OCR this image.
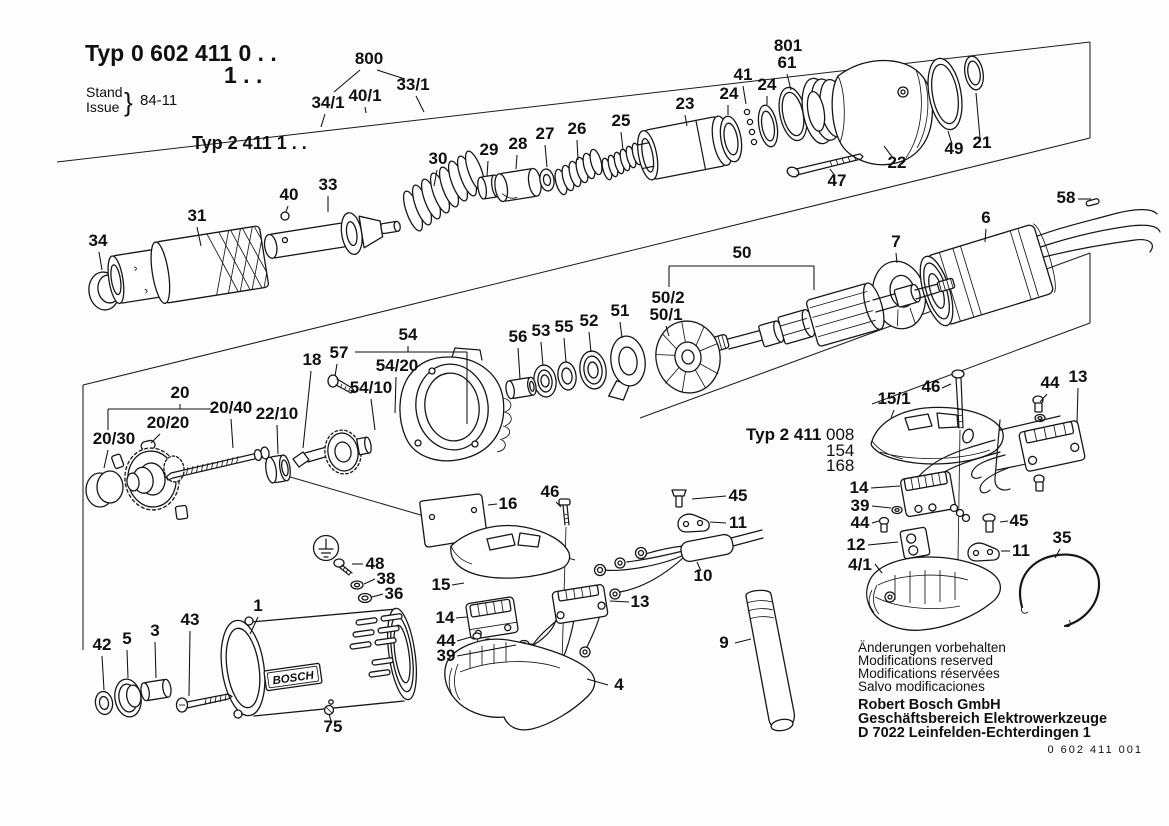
BOSCH
800
34/1 40/1
33/1
30 29 28
27 26 25
23
24
41
24
801
61
22
47
49 21
58
6
7
31
40
33
34
50
50/2
50/1
51
52
55
53
56
54
54/20
54/10
57
18
20
20/40
20/20
20/30
22/10
15/1
46	44 13
14
39
44
12
4/1
45
11
35
16
46	45
11
10
48
38
36 15
14
44
39
13
9
4
1
43
3
5
42
75
Typ 0 602 411 0 . .
1 . .
Stand
Issue } 84-11
Typ 2 411 1 . .
Typ 2 411 008
154
168
Änderungen vorbehalten
Modifications reserved
Modifications réservées
Salvo modificaciones
Robert Bosch GmbH
Geschäftsbereich Elektrowerkzeuge
D 7022 Leinfelden-Echterdingen 1
0 602 411 001
